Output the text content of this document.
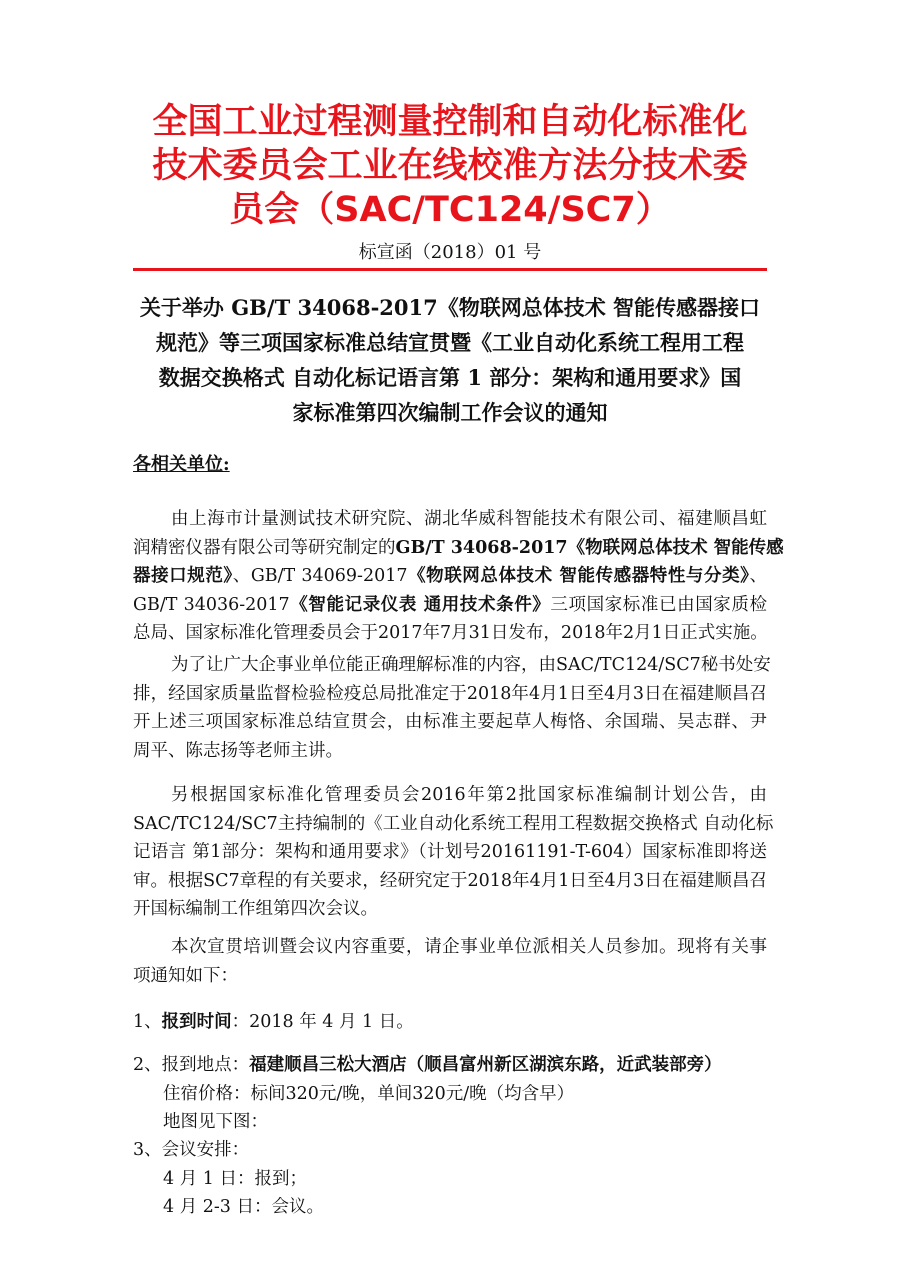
全国工业过程测量控制和自动化标准化
技术委员会工业在线校准方法分技术委
员会（SAC/TC124/SC7）
标宣函（2018）01 号
关于举办 GB/T 34068-2017《物联网总体技术 智能传感器接口
规范》等三项国家标准总结宣贯暨《工业自动化系统工程用工程
数据交换格式 自动化标记语言第 1 部分：架构和通用要求》国
家标准第四次编制工作会议的通知
各相关单位:
由上海市计量测试技术研究院、湖北华威科智能技术有限公司、福建顺昌虹
润精密仪器有限公司等研究制定的GB/T 34068-2017《物联网总体技术 智能传感
器接口规范》、GB/T 34069-2017《物联网总体技术 智能传感器特性与分类》、
GB/T 34036-2017《智能记录仪表 通用技术条件》三项国家标准已由国家质检
总局、国家标准化管理委员会于2017年7月31日发布，2018年2月1日正式实施。
为了让广大企事业单位能正确理解标准的内容，由SAC/TC124/SC7秘书处安
排，经国家质量监督检验检疫总局批准定于2018年4月1日至4月3日在福建顺昌召
开上述三项国家标准总结宣贯会，由标准主要起草人梅恪、余国瑞、吴志群、尹
周平、陈志扬等老师主讲。
另根据国家标准化管理委员会2016年第2批国家标准编制计划公告，由
SAC/TC124/SC7主持编制的《工业自动化系统工程用工程数据交换格式 自动化标
记语言 第1部分：架构和通用要求》（计划号20161191-T-604）国家标准即将送
审。根据SC7章程的有关要求，经研究定于2018年4月1日至4月3日在福建顺昌召
开国标编制工作组第四次会议。
本次宣贯培训暨会议内容重要，请企事业单位派相关人员参加。现将有关事
项通知如下：
1、报到时间：2018 年 4 月 1 日。
2、报到地点：福建顺昌三松大酒店（顺昌富州新区湖滨东路，近武装部旁）
住宿价格：标间320元/晚，单间320元/晚（均含早）
地图见下图：
3、会议安排：
4 月 1 日：报到；
4 月 2-3 日：会议。
